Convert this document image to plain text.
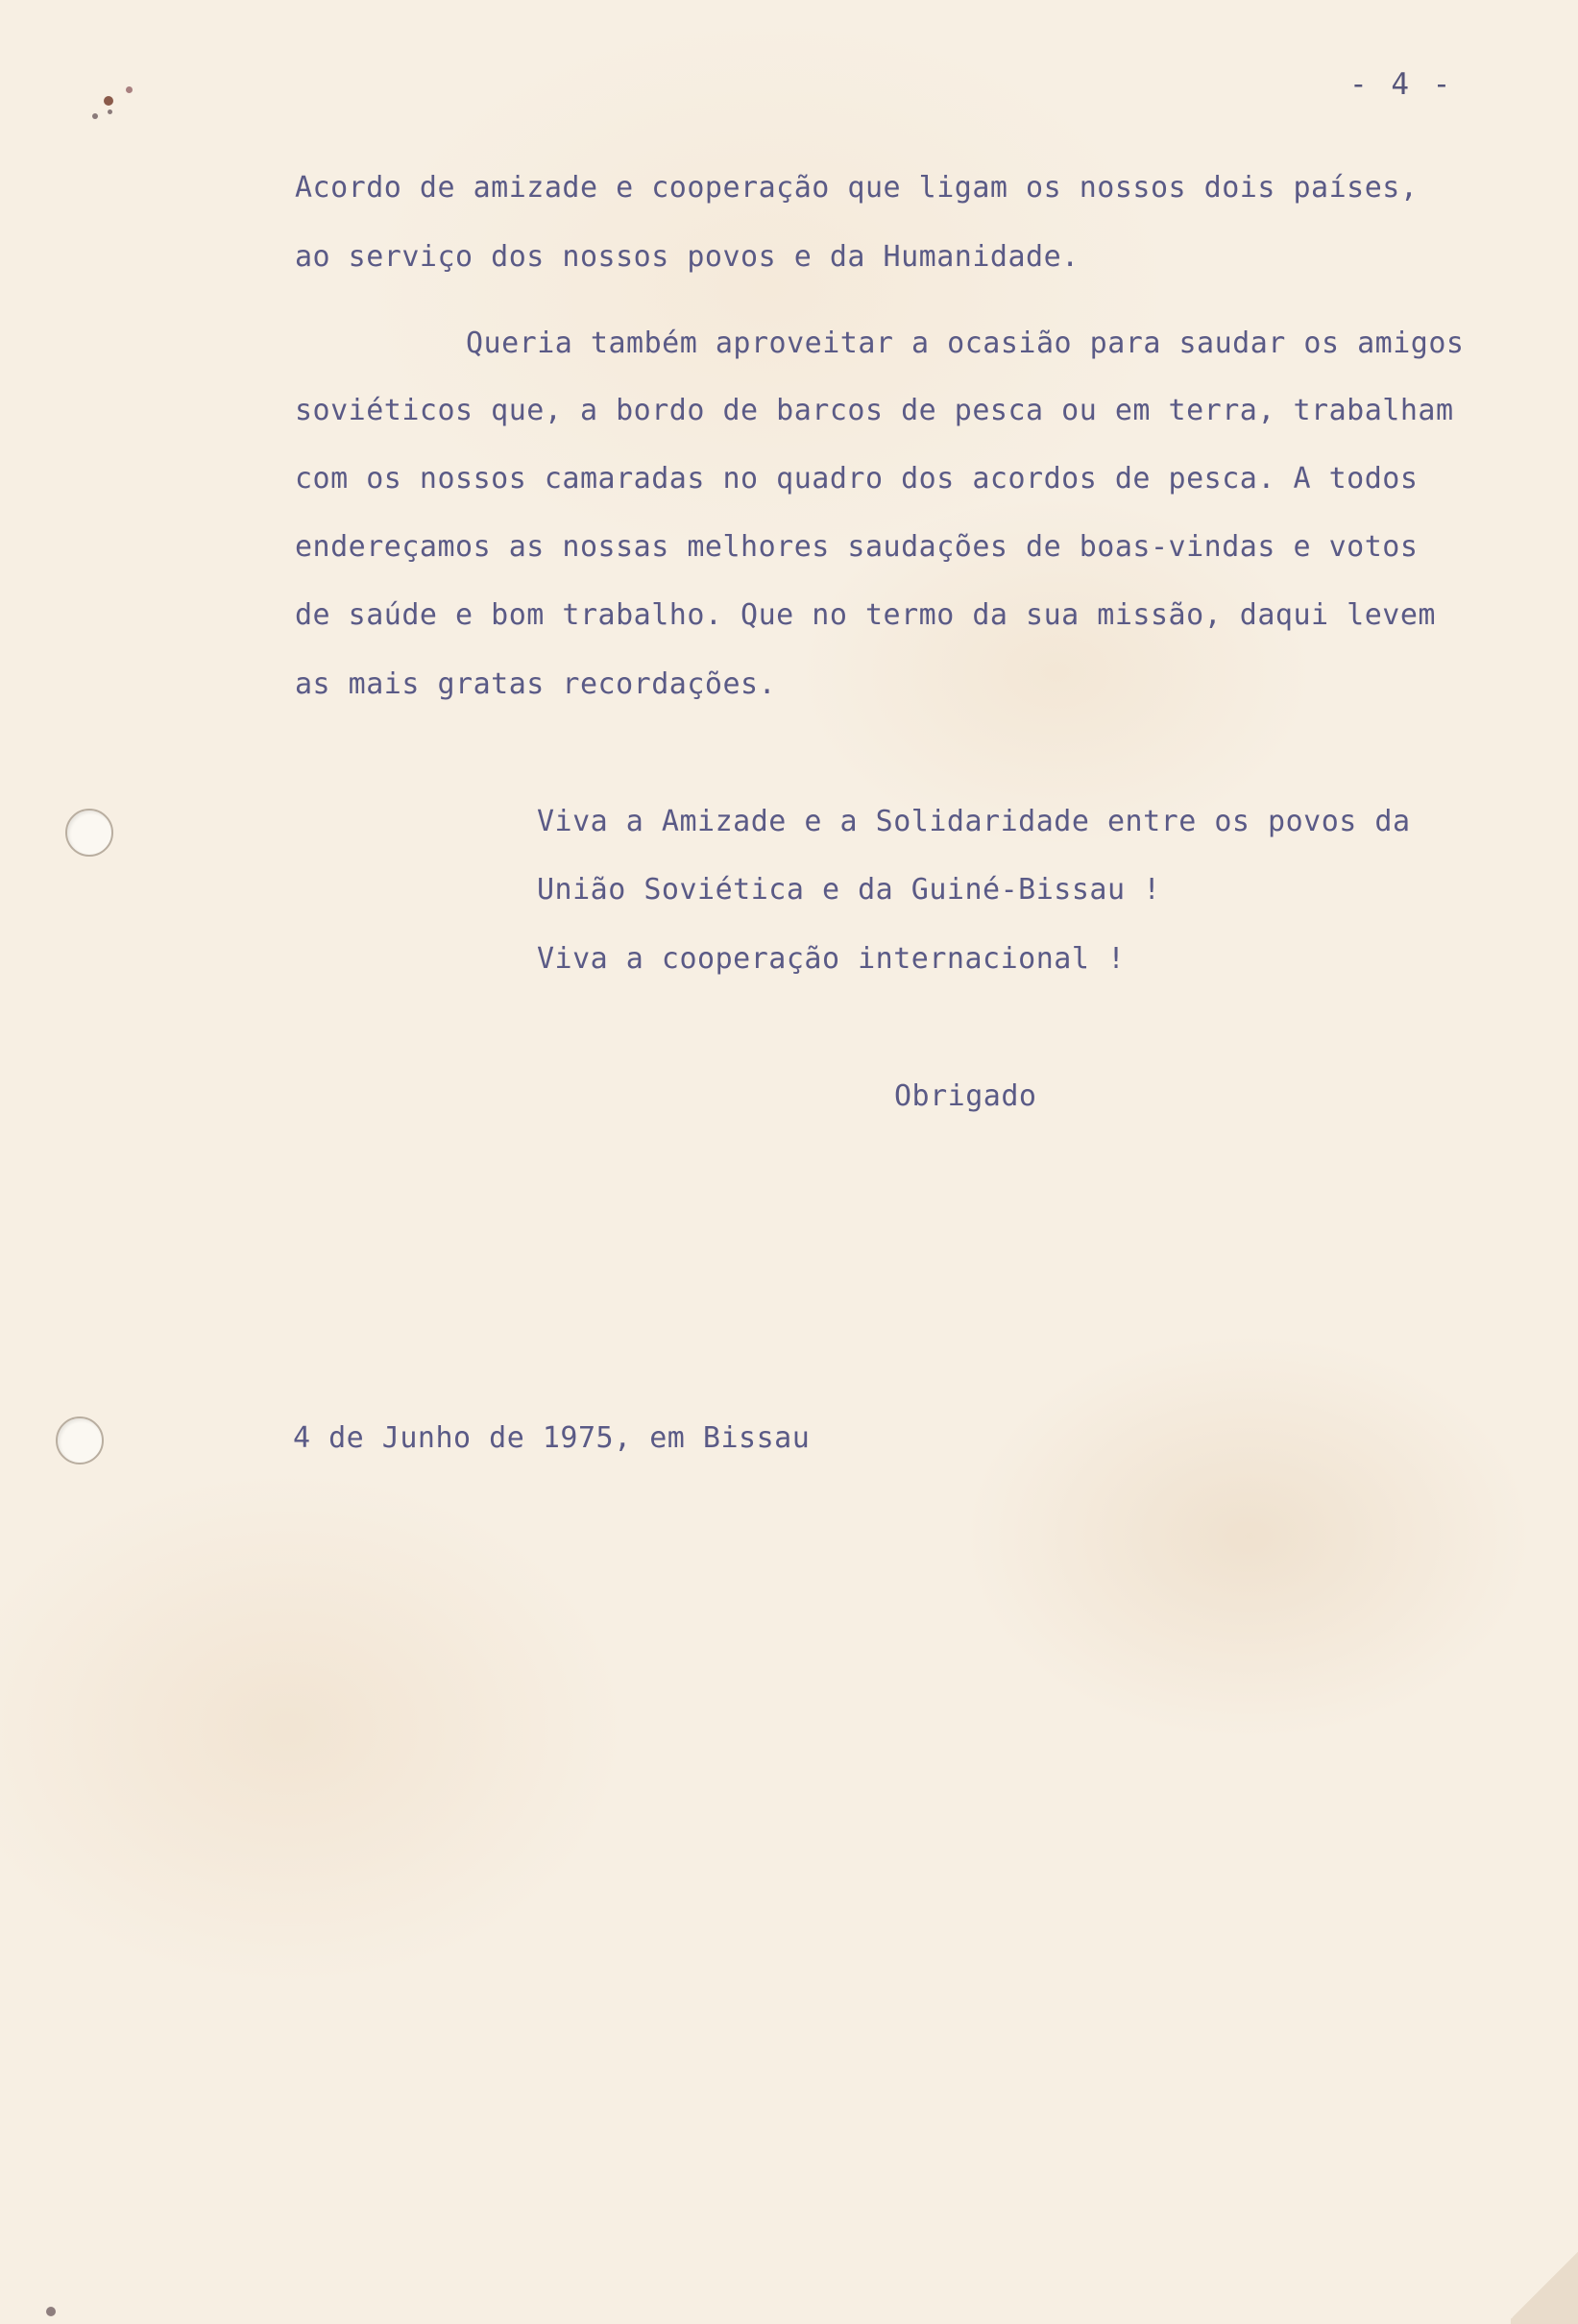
- 4 -
Acordo de amizade e cooperação que ligam os nossos dois países,
ao serviço dos nossos povos e da Humanidade.
Queria também aproveitar a ocasião para saudar os amigos
soviéticos que, a bordo de barcos de pesca ou em terra, trabalham
com os nossos camaradas no quadro dos acordos de pesca. A todos
endereçamos as nossas melhores saudações de boas-vindas e votos
de saúde e bom trabalho. Que no termo da sua missão, daqui levem
as mais gratas recordações.
Viva a Amizade e a Solidaridade entre os povos da
União Soviética e da Guiné-Bissau !
Viva a cooperação internacional !
Obrigado
4 de Junho de 1975, em Bissau
